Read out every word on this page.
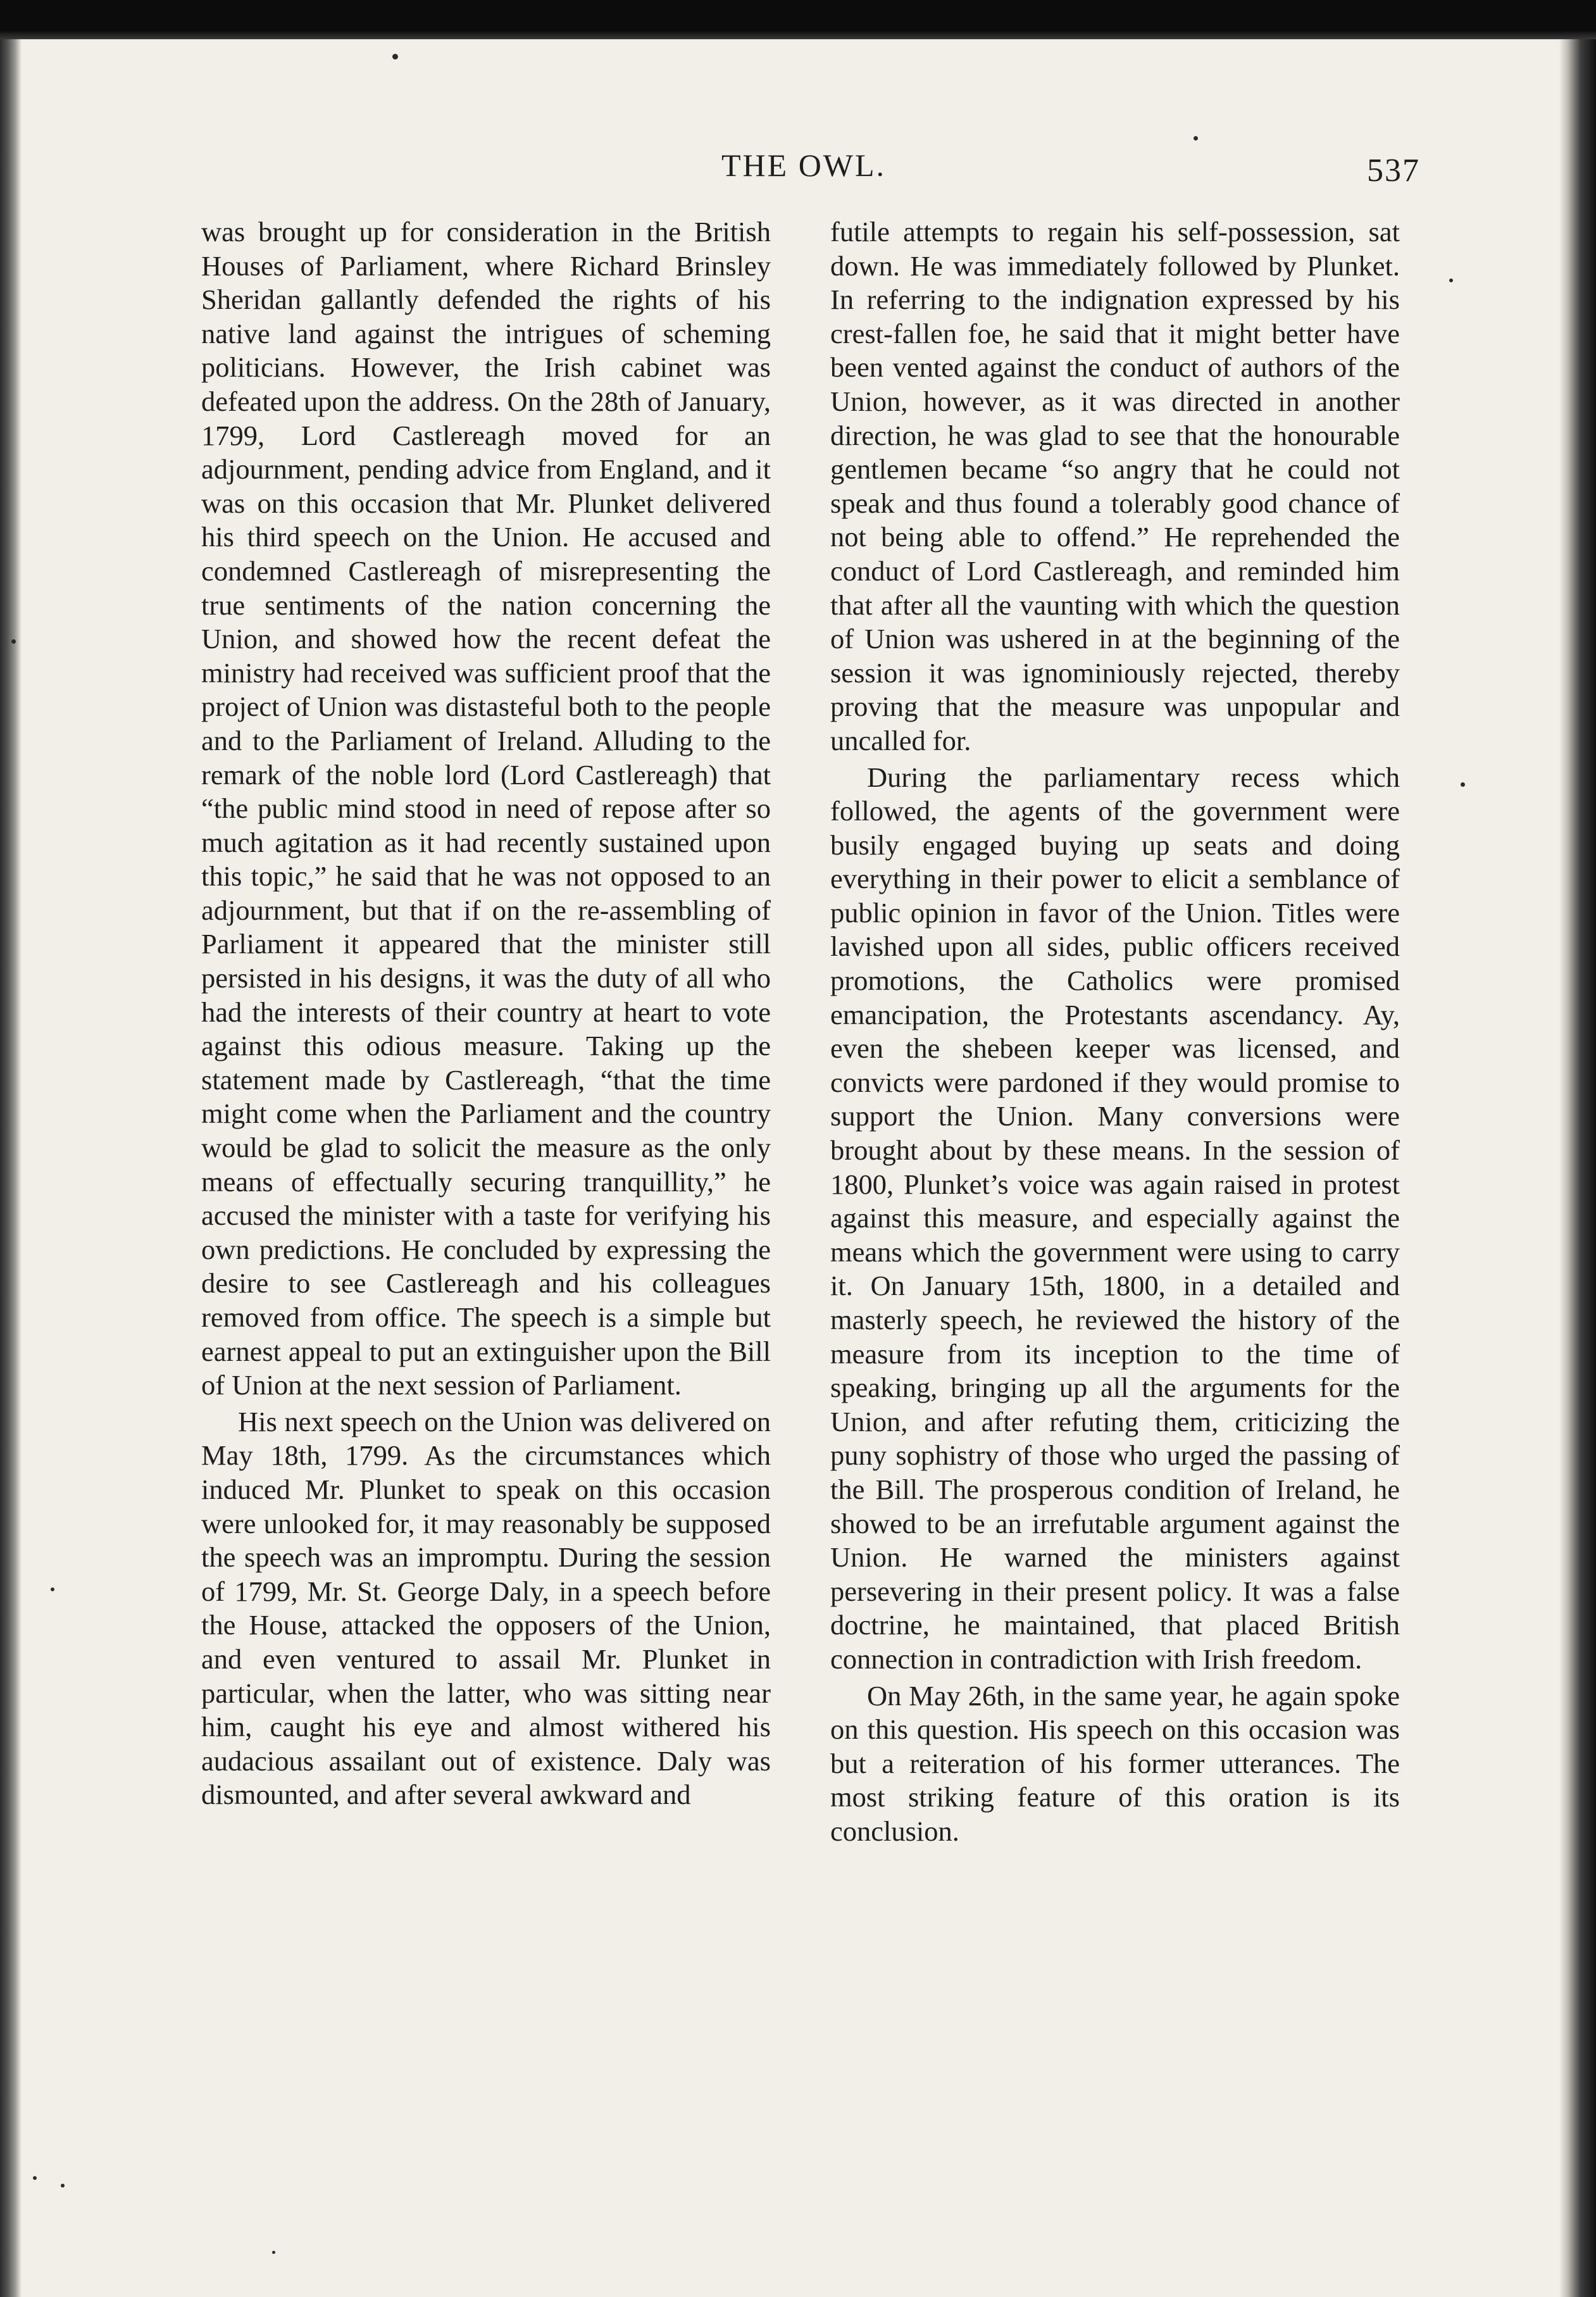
THE OWL.	537

was brought up for consideration in the British Houses of Parliament, where Richard Brinsley Sheridan gallantly defended the rights of his native land against the intrigues of scheming politicians. However, the Irish cabinet was defeated upon the address. On the 28th of January, 1799, Lord Castlereagh moved for an adjournment, pending advice from England, and it was on this occasion that Mr. Plunket delivered his third speech on the Union. He accused and condemned Castlereagh of misrepresenting the true sentiments of the nation concerning the Union, and showed how the recent defeat the ministry had received was sufficient proof that the project of Union was distasteful both to the people and to the Parliament of Ireland. Alluding to the remark of the noble lord (Lord Castlereagh) that “the public mind stood in need of repose after so much agitation as it had recently sustained upon this topic,” he said that he was not opposed to an adjournment, but that if on the re-assembling of Parliament it appeared that the minister still persisted in his designs, it was the duty of all who had the interests of their country at heart to vote against this odious measure. Taking up the statement made by Castlereagh, “that the time might come when the Parliament and the country would be glad to solicit the measure as the only means of effectually securing tranquillity,” he accused the minister with a taste for verifying his own predictions. He concluded by expressing the desire to see Castlereagh and his colleagues removed from office. The speech is a simple but earnest appeal to put an extinguisher upon the Bill of Union at the next session of Parliament.

His next speech on the Union was delivered on May 18th, 1799. As the circumstances which induced Mr. Plunket to speak on this occasion were unlooked for, it may reasonably be supposed the speech was an impromptu. During the session of 1799, Mr. St. George Daly, in a speech before the House, attacked the opposers of the Union, and even ventured to assail Mr. Plunket in particular, when the latter, who was sitting near him, caught his eye and almost withered his audacious assailant out of existence. Daly was dismounted, and after several awkward and

futile attempts to regain his self-possession, sat down. He was immediately followed by Plunket. In referring to the indignation expressed by his crest-fallen foe, he said that it might better have been vented against the conduct of authors of the Union, however, as it was directed in another direction, he was glad to see that the honourable gentlemen became “so angry that he could not speak and thus found a tolerably good chance of not being able to offend.” He reprehended the conduct of Lord Castlereagh, and reminded him that after all the vaunting with which the question of Union was ushered in at the beginning of the session it was ignominiously rejected, thereby proving that the measure was unpopular and uncalled for.

During the parliamentary recess which followed, the agents of the government were busily engaged buying up seats and doing everything in their power to elicit a semblance of public opinion in favor of the Union. Titles were lavished upon all sides, public officers received promotions, the Catholics were promised emancipation, the Protestants ascendancy. Ay, even the shebeen keeper was licensed, and convicts were pardoned if they would promise to support the Union. Many conversions were brought about by these means. In the session of 1800, Plunket’s voice was again raised in protest against this measure, and especially against the means which the government were using to carry it. On January 15th, 1800, in a detailed and masterly speech, he reviewed the history of the measure from its inception to the time of speaking, bringing up all the arguments for the Union, and after refuting them, criticizing the puny sophistry of those who urged the passing of the Bill. The prosperous condition of Ireland, he showed to be an irrefutable argument against the Union. He warned the ministers against persevering in their present policy. It was a false doctrine, he maintained, that placed British connection in contradiction with Irish freedom.

On May 26th, in the same year, he again spoke on this question. His speech on this occasion was but a reiteration of his former utterances. The most striking feature of this oration is its conclusion.
